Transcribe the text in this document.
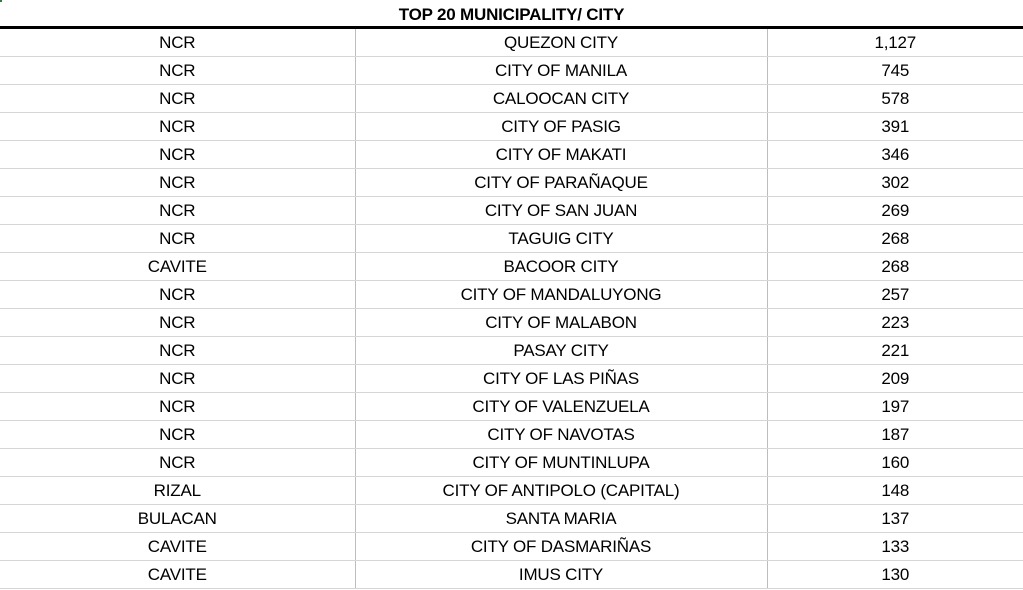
TOP 20 MUNICIPALITY/ CITY
NCR	QUEZON CITY	1,127
NCR	CITY OF MANILA	745
NCR	CALOOCAN CITY	578
NCR	CITY OF PASIG	391
NCR	CITY OF MAKATI	346
NCR	CITY OF PARAÑAQUE	302
NCR	CITY OF SAN JUAN	269
NCR	TAGUIG CITY	268
CAVITE	BACOOR CITY	268
NCR	CITY OF MANDALUYONG	257
NCR	CITY OF MALABON	223
NCR	PASAY CITY	221
NCR	CITY OF LAS PIÑAS	209
NCR	CITY OF VALENZUELA	197
NCR	CITY OF NAVOTAS	187
NCR	CITY OF MUNTINLUPA	160
RIZAL	CITY OF ANTIPOLO (CAPITAL)	148
BULACAN	SANTA MARIA	137
CAVITE	CITY OF DASMARIÑAS	133
CAVITE	IMUS CITY	130
